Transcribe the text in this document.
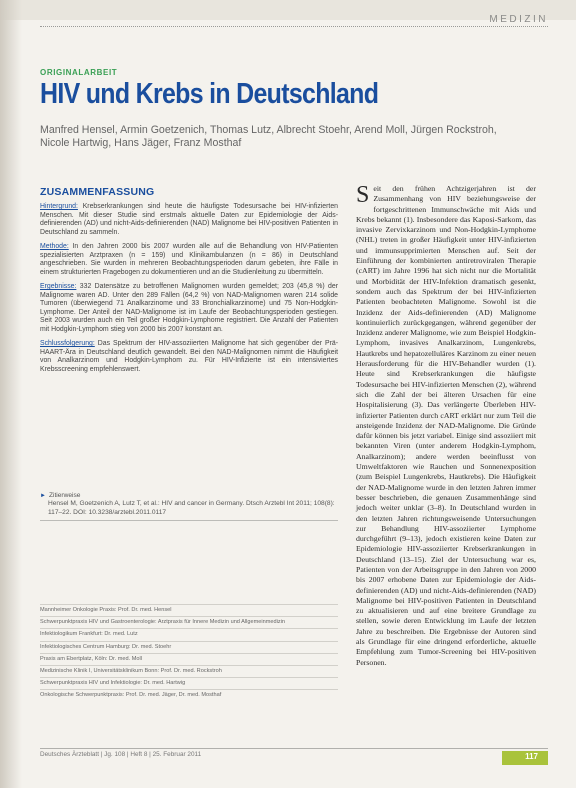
MEDIZIN
ORIGINALARBEIT
HIV und Krebs in Deutschland
Manfred Hensel, Armin Goetzenich, Thomas Lutz, Albrecht Stoehr, Arend Moll, Jürgen Rockstroh, Nicole Hartwig, Hans Jäger, Franz Mosthaf
ZUSAMMENFASSUNG

Hintergrund: Krebserkrankungen sind heute die häufigste Todesursache bei HIV-infizierten Menschen. Mit dieser Studie sind erstmals aktuelle Daten zur Epidemiologie der Aids-definierenden (AD) und nicht-Aids-definierenden (NAD) Malignome bei HIV-positiven Patienten in Deutschland zu sammeln.

Methode: In den Jahren 2000 bis 2007 wurden alle auf die Behandlung von HIV-Patienten spezialisierten Arztpraxen (n = 159) und Klinikambulanzen (n = 86) in Deutschland angeschrieben. Sie wurden in mehreren Beobachtungsperioden darum gebeten, ihre Fälle in einem strukturierten Fragebogen zu dokumentieren und an die Studienleitung zu übermitteln.

Ergebnisse: 332 Datensätze zu betroffenen Malignomen wurden gemeldet; 203 (45,8 %) der Malignome waren AD. Unter den 289 Fällen (64,2 %) von NAD-Malignomen waren 214 solide Tumoren (überwiegend 71 Analkarzinome und 33 Bronchialkarzinome) und 75 Non-Hodgkin-Lymphome. Der Anteil der NAD-Malignome ist im Laufe der Beobachtungsperioden gestiegen. Seit 2003 wurden auch ein Teil großer Hodgkin-Lymphome registriert. Die Anzahl der Patienten mit Hodgkin-Lymphom stieg von 2000 bis 2007 konstant an.

Schlussfolgerung: Das Spektrum der HIV-assoziierten Malignome hat sich gegenüber der Prä-HAART-Ära in Deutschland deutlich gewandelt. Bei den NAD-Malignomen nimmt die Häufigkeit von Analkarzinom und Hodgkin-Lymphom zu. Für HIV-Infizierte ist ein intensiviertes Krebsscreening empfehlenswert.

► Zitierweise
Hensel M, Goetzenich A, Lutz T, et al.: HIV and cancer in Germany. Dtsch Arztebl Int 2011; 108(8): 117–22. DOI: 10.3238/arztebl.2011.0117
Mannheimer Onkologie Praxis: Prof. Dr. med. Hensel
Schwerpunktpraxis HIV und Gastroenterologie: Arztpraxis für Innere Medizin und Allgemeinmedizin
Infektiologikum Frankfurt: Dr. med. Lutz
Infektiologisches Centrum Hamburg: Dr. med. Stoehr
Praxis am Ebertplatz, Köln: Dr. med. Moll
Medizinische Klinik I, Universitätsklinikum Bonn: Prof. Dr. med. Rockstroh
Schwerpunktpraxis HIV und Infektiologie: Dr. med. Hartwig
Onkologische Schwerpunktpraxis: Prof. Dr. med. Jäger, Dr. med. Mosthaf
Seit den frühen Achtzigerjahren ist der Zusammenhang von HIV beziehungsweise der fortgeschrittenen Immunschwäche mit Aids und Krebs bekannt (1). Insbesondere das Kaposi-Sarkom, das invasive Zervixkarzinom und Non-Hodgkin-Lymphome (NHL) treten in großer Häufigkeit unter HIV-infizierten und immunsupprimierten Menschen auf. Seit der Einführung der kombinierten antiretroviralen Therapie (cART) im Jahre 1996 hat sich nicht nur die Mortalität und Morbidität der HIV-Infektion dramatisch gesenkt, sondern auch das Spektrum der bei HIV-infizierten Patienten beobachteten Malignome. Sowohl ist die Inzidenz der Aids-definierenden (AD) Malignome kontinuierlich zurückgegangen, während gegenüber der Inzidenz anderer Malignome, wie zum Beispiel Hodgkin-Lymphom, invasives Analkarzinom, Lungenkrebs, Hautkrebs und hepatozelluläres Karzinom zu einer neuen Herausforderung für die HIV-Behandler wurden (1). Heute sind Krebserkrankungen die häufigste Todesursache bei HIV-infizierten Menschen (2), während sich die Zahl der bei älteren Ursachen für eine Hospitalisierung (3). Das verlängerte Überleben HIV-infizierter Patienten durch cART erklärt nur zum Teil die ansteigende Inzidenz der NAD-Malignome. Die Gründe dafür können bis jetzt variabel. Einige sind assoziiert mit bekannten Viren (unter anderem Hodgkin-Lymphom, Analkarzinom); andere werden beeinflusst von Umweltfaktoren wie Rauchen und Sonnenexposition (zum Beispiel Lungenkrebs, Hautkrebs). Die Häufigkeit der NAD-Malignome wurde in den letzten Jahren immer besser beschrieben, die genauen Zusammenhänge sind jedoch weiter unklar (3–8). In Deutschland wurden in den letzten Jahren richtungsweisende Untersuchungen zur Behandlung HIV-assoziierter Lymphome durchgeführt (9–13), jedoch existieren keine Daten zur Epidemiologie HIV-assoziierter Krebserkrankungen in Deutschland (13–15). Ziel der Untersuchung war es, Patienten von der Arbeitsgruppe in den Jahren von 2000 bis 2007 erhobene Daten zur Epidemiologie der Aids-definierenden (AD) und nicht-Aids-definierenden (NAD) Malignome bei HIV-positiven Patienten in Deutschland zu aktualisieren und auf eine breitere Grundlage zu stellen, sowie deren Entwicklung im Laufe der letzten Jahre zu beschreiben. Die Ergebnisse der Autoren sind als Grundlage für eine dringend erforderliche, aktuelle Empfehlung zum Tumor-Screening bei HIV-positiven Personen.
Deutsches Ärzteblatt | Jg. 108 | Heft 8 | 25. Februar 2011	117
